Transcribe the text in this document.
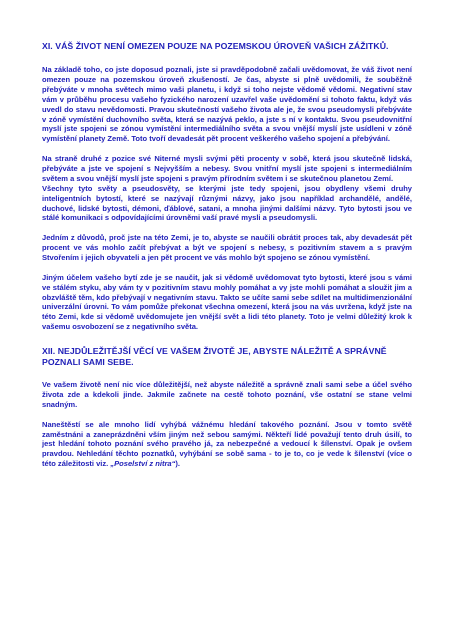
XI. VÁŠ ŽIVOT NENÍ OMEZEN POUZE NA POZEMSKOU ÚROVEŇ VAŠICH ZÁŽITKŮ.

Na základě toho, co jste doposud poznali, jste si pravděpodobně začali uvědomovat, že váš život není omezen pouze na pozemskou úroveň zkušeností. Je čas, abyste si plně uvědomili, že souběžně přebýváte v mnoha světech mimo vaši planetu, i když si toho nejste vědomě vědomi. Negativní stav vám v průběhu procesu vašeho fyzického narození uzavřel vaše uvědomění si tohoto faktu, když vás uvedl do stavu nevědomosti. Pravou skutečností vašeho života ale je, že svou pseudomysli přebýváte v zóně vymístění duchovního světa, která se nazývá peklo, a jste s ní v kontaktu. Svou pseudovnitřní myslí jste spojeni se zónou vymístění intermediálního světa a svou vnější myslí jste usídleni v zóně vymístění planety Země. Toto tvoří devadesát pět procent veškerého vašeho spojení a přebývání.

Na straně druhé z pozice své Niterné mysli svými pěti procenty v sobě, která jsou skutečně lidská, přebýváte a jste ve spojení s Nejvyšším a nebesy. Svou vnitřní myslí jste spojeni s intermediálním světem a svou vnější myslí jste spojeni s pravým přírodním světem i se skutečnou planetou Zemí.

Všechny tyto světy a pseudosvěty, se kterými jste tedy spojeni, jsou obydleny všemi druhy inteligentních bytostí, které se nazývají různými názvy, jako jsou například archandělé, andělé, duchové, lidské bytosti, démoni, ďáblové, satani, a mnoha jinými dalšími názvy. Tyto bytosti jsou ve stálé komunikaci s odpovídajícími úrovněmi vaší pravé mysli a pseudomysli.

Jedním z důvodů, proč jste na této Zemi, je to, abyste se naučili obrátit proces tak, aby devadesát pět procent ve vás mohlo začít přebývat a být ve spojení s nebesy, s pozitivním stavem a s pravým Stvořením i jejich obyvateli a jen pět procent ve vás mohlo být spojeno se zónou vymístění.

Jiným účelem vašeho bytí zde je se naučit, jak si vědomě uvědomovat tyto bytosti, které jsou s vámi ve stálém styku, aby vám ty v pozitivním stavu mohly pomáhat a vy jste mohli pomáhat a sloužit jim a obzvláště těm, kdo přebývají v negativním stavu. Takto se učíte sami sebe sdílet na multidimenzionální univerzální úrovni. To vám pomůže překonat všechna omezení, která jsou na vás uvržena, když jste na této Zemi, kde si vědomě uvědomujete jen vnější svět a lidi této planety. Toto je velmi důležitý krok k vašemu osvobození se z negativního světa.

XII. NEJDŮLEŽITĚJŠÍ VĚCÍ VE VAŠEM ŽIVOTĚ JE, ABYSTE NÁLEŽITĚ A SPRÁVNĚ POZNALI SAMI SEBE.

Ve vašem životě není nic více důležitější, než abyste náležitě a správně znali sami sebe a účel svého života zde a kdekoli jinde. Jakmile začnete na cestě tohoto poznání, vše ostatní se stane velmi snadným.

Naneštěstí se ale mnoho lidí vyhýbá vážnému hledání takového poznání. Jsou v tomto světě zaměstnáni a zaneprázdněni vším jiným než sebou samými. Někteří lidé považují tento druh úsilí, to jest hledání tohoto poznání svého pravého já, za nebezpečné a vedoucí k šílenství. Opak je ovšem pravdou. Nehledání těchto poznatků, vyhýbání se sobě sama - to je to, co je vede k šílenství (více o této záležitosti viz. „Poselství z nitra“).
